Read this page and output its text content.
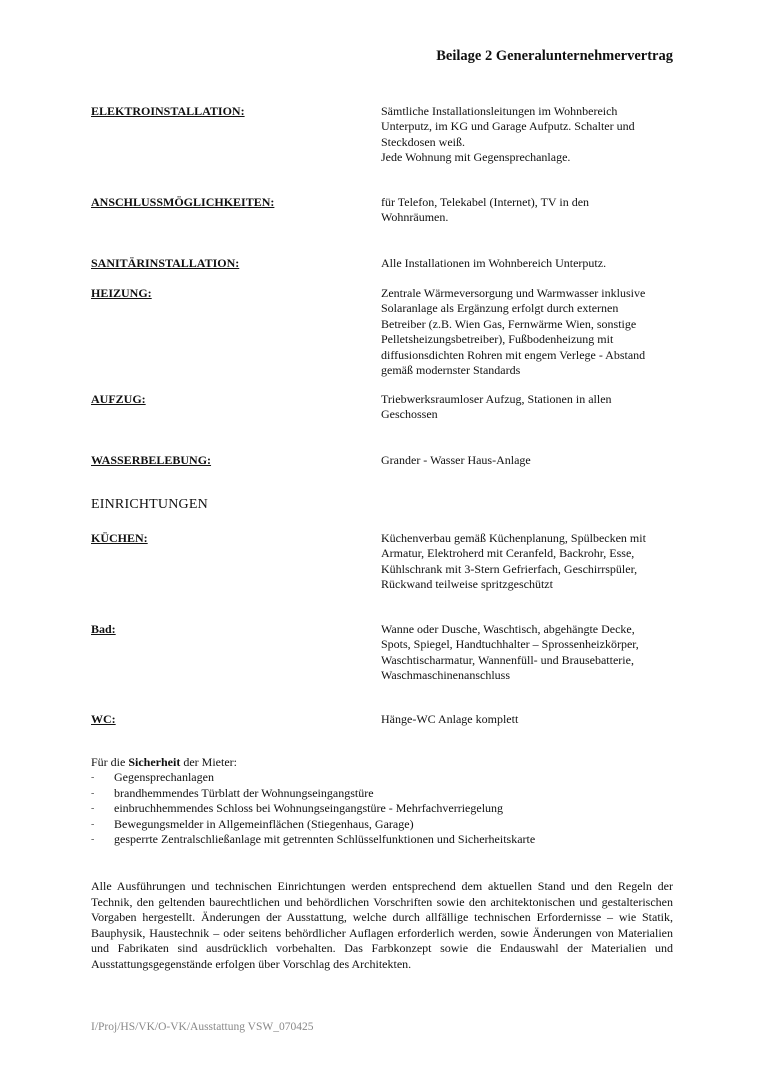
Beilage 2 Generalunternehmervertrag
ELEKTROINSTALLATION:	Sämtliche Installationsleitungen im Wohnbereich
Unterputz, im KG und Garage Aufputz. Schalter und
Steckdosen weiß.
Jede Wohnung mit Gegensprechanlage.
ANSCHLUSSMÖGLICHKEITEN:	für Telefon, Telekabel (Internet), TV in den
Wohnräumen.
SANITÄRINSTALLATION:	Alle Installationen im Wohnbereich Unterputz.
HEIZUNG:	Zentrale Wärmeversorgung und Warmwasser inklusive
Solaranlage als Ergänzung erfolgt durch externen
Betreiber (z.B. Wien Gas, Fernwärme Wien, sonstige
Pelletsheizungsbetreiber), Fußbodenheizung mit
diffusionsdichten Rohren mit engem Verlege - Abstand
gemäß modernster Standards
AUFZUG:	Triebwerksraumloser Aufzug, Stationen in allen
Geschossen
WASSERBELEBUNG:	Grander - Wasser Haus-Anlage
EINRICHTUNGEN
KÜCHEN:	Küchenverbau gemäß Küchenplanung, Spülbecken mit
Armatur, Elektroherd mit Ceranfeld, Backrohr, Esse,
Kühlschrank mit 3-Stern Gefrierfach, Geschirrspüler,
Rückwand teilweise spritzgeschützt
Bad:	Wanne oder Dusche, Waschtisch, abgehängte Decke,
Spots, Spiegel, Handtuchhalter – Sprossenheizkörper,
Waschtischarmatur, Wannenfüll- und Brausebatterie,
Waschmaschinenanschluss
WC:	Hänge-WC Anlage komplett
Für die Sicherheit der Mieter:
- Gegensprechanlagen
- brandhemmendes Türblatt der Wohnungseingangstüre
- einbruchhemmendes Schloss bei Wohnungseingangstüre - Mehrfachverriegelung
- Bewegungsmelder in Allgemeinflächen (Stiegenhaus, Garage)
- gesperrte Zentralschließanlage mit getrennten Schlüsselfunktionen und Sicherheitskarte
Alle Ausführungen und technischen Einrichtungen werden entsprechend dem aktuellen Stand und den Regeln der Technik, den geltenden baurechtlichen und behördlichen Vorschriften sowie den architektonischen und gestalterischen Vorgaben hergestellt. Änderungen der Ausstattung, welche durch allfällige technischen Erfordernisse – wie Statik, Bauphysik, Haustechnik – oder seitens behördlicher Auflagen erforderlich werden, sowie Änderungen von Materialien und Fabrikaten sind ausdrücklich vorbehalten. Das Farbkonzept sowie die Endauswahl der Materialien und Ausstattungsgegenstände erfolgen über Vorschlag des Architekten.
I/Proj/HS/VK/O-VK/Ausstattung VSW_070425
